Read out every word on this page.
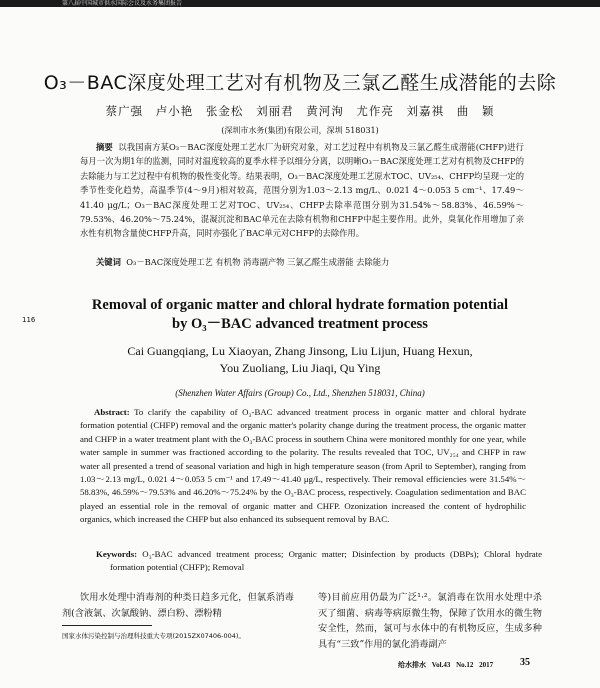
第八届中国城市供水国际会议及水务集团报告
O₃－BAC深度处理工艺对有机物及三氯乙醛生成潜能的去除
蔡广强 卢小艳 张金松 刘丽君 黄河洵 尤作亮 刘嘉祺 曲 颖
(深圳市水务(集团)有限公司，深圳 518031)
摘要 以我国南方某O₃－BAC深度处理工艺水厂为研究对象，对工艺过程中有机物及三氯乙醛生成潜能(CHFP)进行每月一次为期1年的监测，同时对温度较高的夏季水样予以细分分离，以明晰O₃－BAC深度处理工艺对有机物及CHFP的去除能力与工艺过程中有机物的极性变化等。结果表明，O₃－BAC深度处理工艺原水TOC、UV₂₅₄、CHFP均呈现一定的季节性变化趋势，高温季节(4～9月)相对较高，范围分别为1.03～2.13 mg/L、0.021 4～0.053 5 cm⁻¹、17.49～41.40 μg/L；O₃－BAC深度处理工艺对TOC、UV₂₅₄、CHFP去除率范围分别为31.54%～58.83%、46.59%～79.53%、46.20%～75.24%，混凝沉淀和BAC单元在去除有机物和CHFP中起主要作用。此外，臭氧化作用增加了亲水性有机物含量使CHFP升高，同时亦强化了BAC单元对CHFP的去除作用。
关键词 O₃－BAC深度处理工艺 有机物 消毒副产物 三氯乙醛生成潜能 去除能力
116
Removal of organic matter and chloral hydrate formation potential
by O₃－BAC advanced treatment process
Cai Guangqiang, Lu Xiaoyan, Zhang Jinsong, Liu Lijun, Huang Hexun,
You Zuoliang, Liu Jiaqi, Qu Ying
(Shenzhen Water Affairs (Group) Co., Ltd., Shenzhen 518031, China)
Abstract: To clarify the capability of O₃-BAC advanced treatment process in organic matter and chloral hydrate formation potential (CHFP) removal and the organic matter's polarity change during the treatment process, the organic matter and CHFP in a water treatment plant with the O₃-BAC process in southern China were monitored monthly for one year, while water sample in summer was fractioned according to the polarity. The results revealed that TOC, UV₂₅₄ and CHFP in raw water all presented a trend of seasonal variation and high in high temperature season (from April to September), ranging from 1.03～2.13 mg/L, 0.021 4～0.053 5 cm⁻¹ and 17.49～41.40 μg/L, respectively. Their removal efficiencies were 31.54%～58.83%, 46.59%～79.53% and 46.20%～75.24% by the O₃-BAC process, respectively. Coagulation sedimentation and BAC played an essential role in the removal of organic matter and CHFP. Ozonization increased the content of hydrophilic organics, which increased the CHFP but also enhanced its subsequent removal by BAC.
Keywords: O₃-BAC advanced treatment process; Organic matter; Disinfection by products (DBPs); Chloral hydrate formation potential (CHFP); Removal
饮用水处理中消毒剂的种类日趋多元化，但氯系消毒剂(含液氯、次氯酸钠、漂白粉、漂粉精
等)目前应用仍最为广泛¹·²。氯消毒在饮用水处理中杀灭了细菌、病毒等病原微生物，保障了饮用水的微生物安全性，然而，氯可与水体中的有机物反应，生成多种具有“三致”作用的氯化消毒副产
国家水体污染控制与治理科技重大专项(2015ZX07406-004)。
给水排水 Vol.43 No.12 2017	35
